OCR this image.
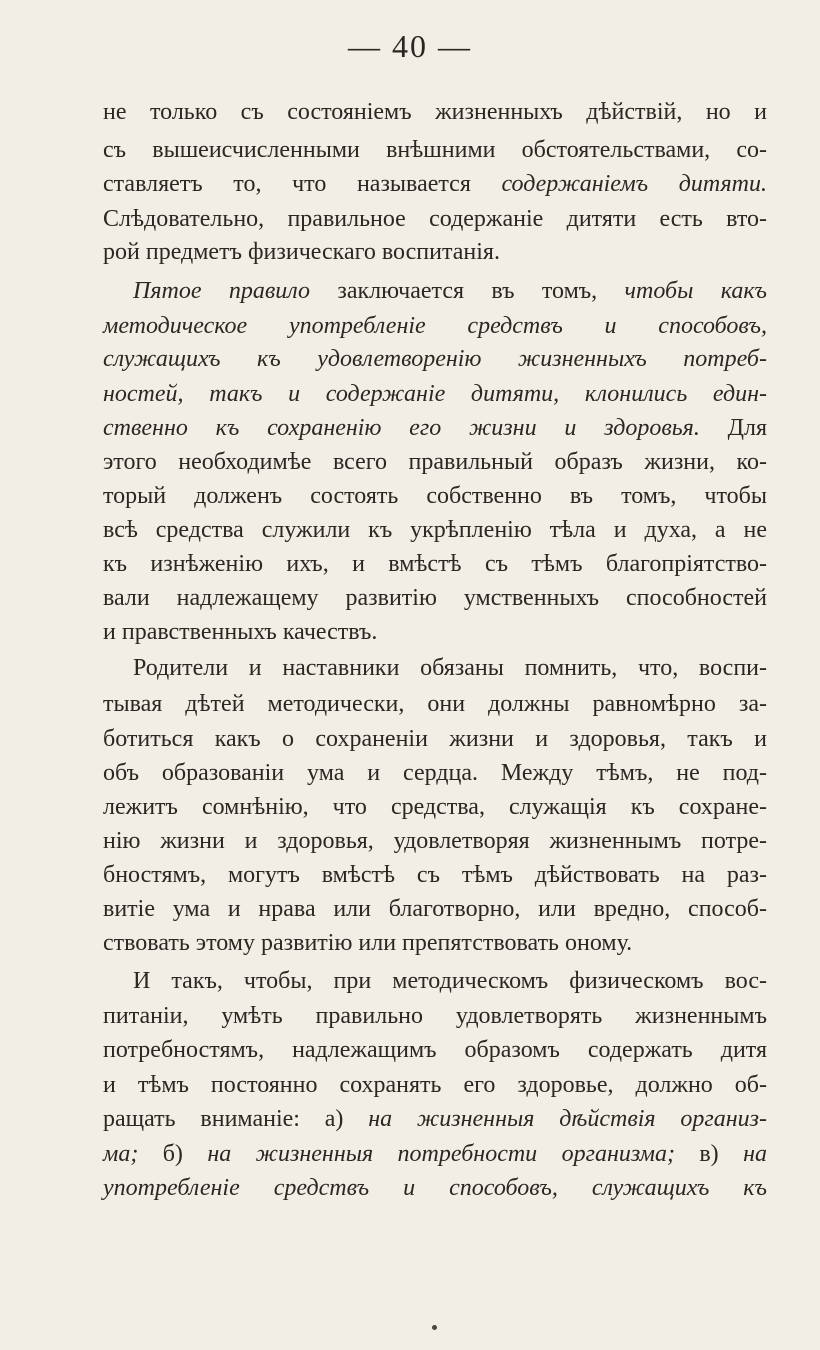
— 40 —
не только съ состояніемъ жизненныхъ дѣйствій, но и
съ вышеисчисленными внѣшними обстоятельствами, со-
ставляетъ то, что называется содержаніемъ дитяти.
Слѣдовательно, правильное содержаніе дитяти есть вто-
рой предметъ физическаго воспитанія.
Пятое правило заключается въ томъ, чтобы какъ
методическое употребленіе средствъ и способовъ,
служащихъ къ удовлетворенію жизненныхъ потреб-
ностей, такъ и содержаніе дитяти, клонились един-
ственно къ сохраненію его жизни и здоровья. Для
этого необходимѣе всего правильный образъ жизни, ко-
торый долженъ состоять собственно въ томъ, чтобы
всѣ средства служили къ укрѣпленію тѣла и духа, а не
къ изнѣженію ихъ, и вмѣстѣ съ тѣмъ благопріятство-
вали надлежащему развитію умственныхъ способностей
и правственныхъ качествъ.
Родители и наставники обязаны помнить, что, воспи-
тывая дѣтей методически, они должны равномѣрно за-
ботиться какъ о сохраненіи жизни и здоровья, такъ и
объ образованіи ума и сердца. Между тѣмъ, не под-
лежитъ сомнѣнію, что средства, служащія къ сохране-
нію жизни и здоровья, удовлетворяя жизненнымъ потре-
бностямъ, могутъ вмѣстѣ съ тѣмъ дѣйствовать на раз-
витіе ума и нрава или благотворно, или вредно, способ-
ствовать этому развитію или препятствовать оному.
И такъ, чтобы, при методическомъ физическомъ вос-
питаніи, умѣть правильно удовлетворять жизненнымъ
потребностямъ, надлежащимъ образомъ содержать дитя
и тѣмъ постоянно сохранять его здоровье, должно об-
ращать вниманіе: а) на жизненныя дѣйствія организ-
ма; б) на жизненныя потребности организма; в) на
употребленіе средствъ и способовъ, служащихъ къ
